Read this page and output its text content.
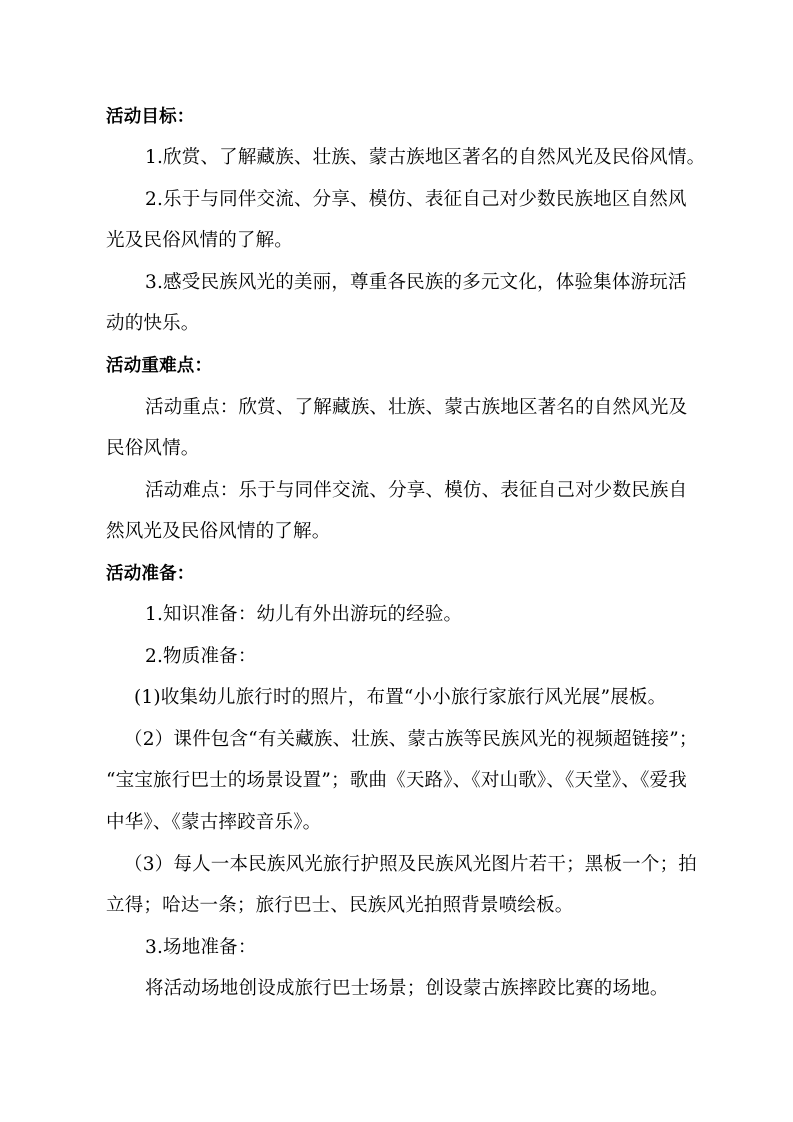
活动目标：
1.欣赏、了解藏族、壮族、蒙古族地区著名的自然风光及民俗风情。
2.乐于与同伴交流、分享、模仿、表征自己对少数民族地区自然风
光及民俗风情的了解。
3.感受民族风光的美丽，尊重各民族的多元文化，体验集体游玩活
动的快乐。
活动重难点：
活动重点：欣赏、了解藏族、壮族、蒙古族地区著名的自然风光及
民俗风情。
活动难点：乐于与同伴交流、分享、模仿、表征自己对少数民族自
然风光及民俗风情的了解。
活动准备：
1.知识准备：幼儿有外出游玩的经验。
2.物质准备：
(1)收集幼儿旅行时的照片，布置“小小旅行家旅行风光展”展板。
（2）课件包含“有关藏族、壮族、蒙古族等民族风光的视频超链接”；
“宝宝旅行巴士的场景设置”；歌曲《天路》、《对山歌》、《天堂》、《爱我
中华》、《蒙古摔跤音乐》。
（3）每人一本民族风光旅行护照及民族风光图片若干；黑板一个；拍
立得；哈达一条；旅行巴士、民族风光拍照背景喷绘板。
3.场地准备：
将活动场地创设成旅行巴士场景；创设蒙古族摔跤比赛的场地。
